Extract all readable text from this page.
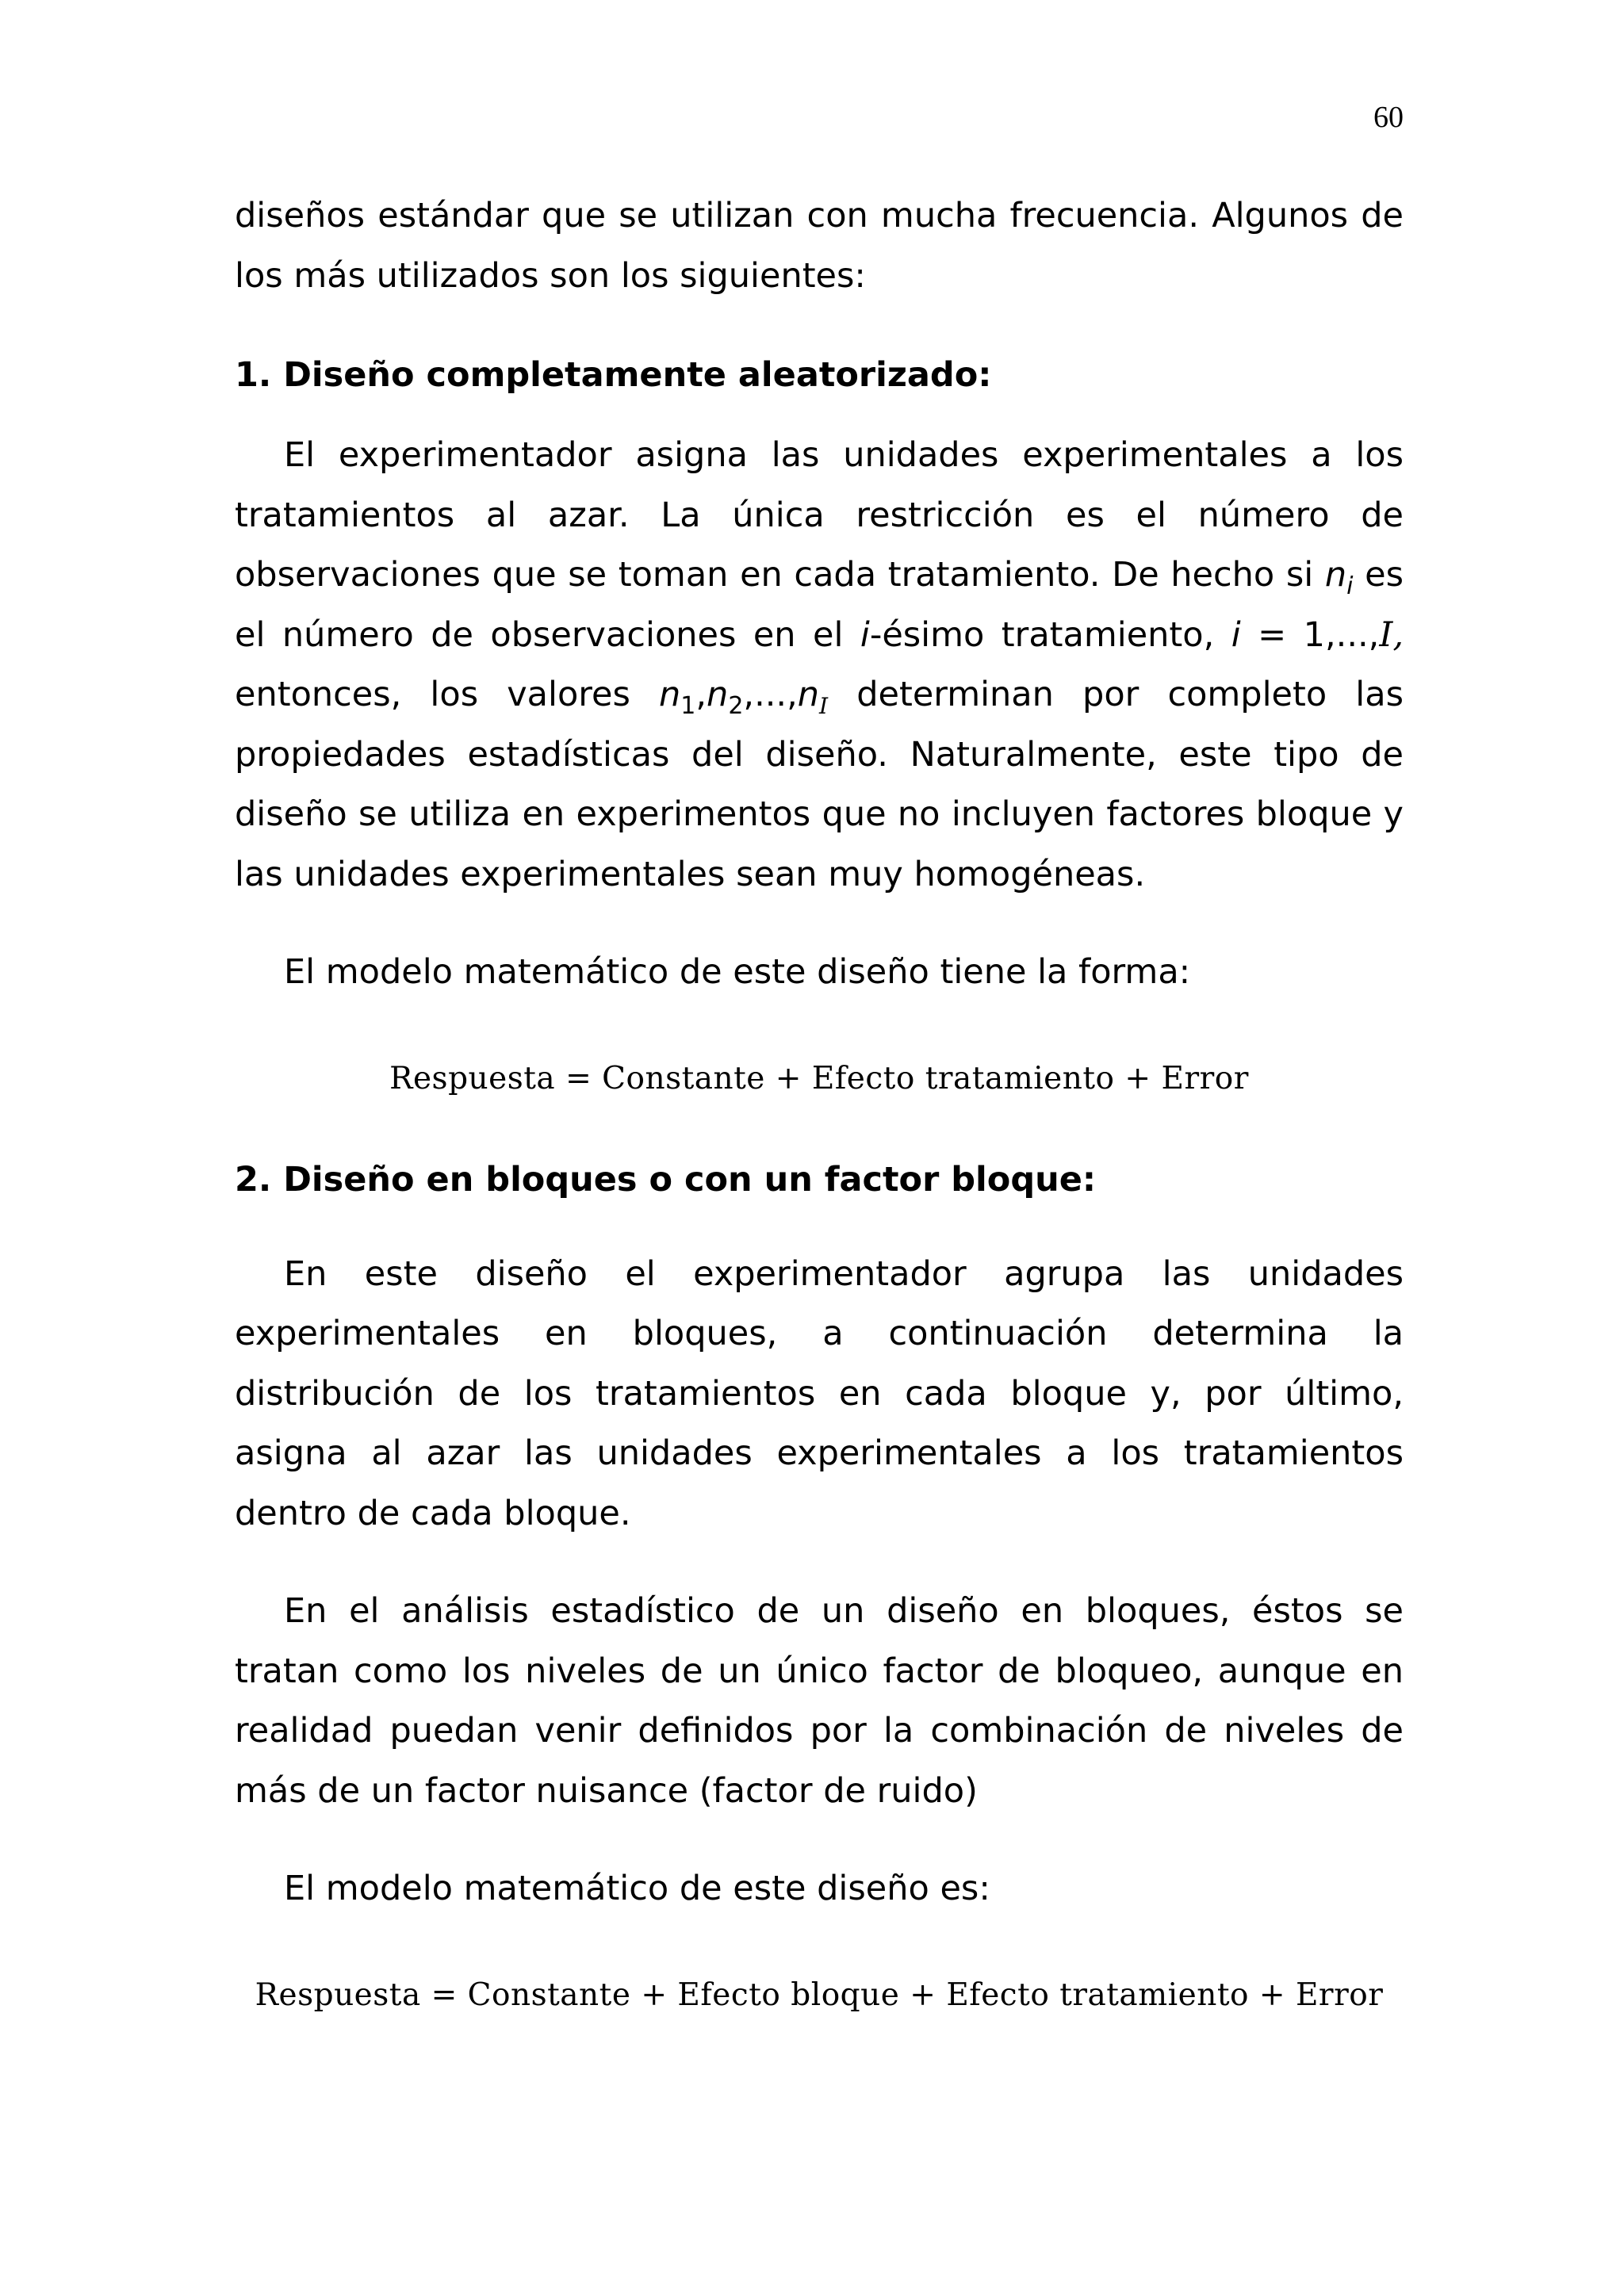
60

diseños estándar que se utilizan con mucha frecuencia. Algunos de los más utilizados son los siguientes:

1. Diseño completamente aleatorizado:

El experimentador asigna las unidades experimentales a los tratamientos al azar. La única restricción es el número de observaciones que se toman en cada tratamiento. De hecho si $n_i$ es el número de observaciones en el i-ésimo tratamiento, i = 1,...,I, entonces, los valores $n_1,n_2,...,n_I$ determinan por completo las propiedades estadísticas del diseño. Naturalmente, este tipo de diseño se utiliza en experimentos que no incluyen factores bloque y las unidades experimentales sean muy homogéneas.

El modelo matemático de este diseño tiene la forma:

Respuesta = Constante + Efecto tratamiento + Error

2. Diseño en bloques o con un factor bloque:

En este diseño el experimentador agrupa las unidades experimentales en bloques, a continuación determina la distribución de los tratamientos en cada bloque y, por último, asigna al azar las unidades experimentales a los tratamientos dentro de cada bloque.

En el análisis estadístico de un diseño en bloques, éstos se tratan como los niveles de un único factor de bloqueo, aunque en realidad puedan venir definidos por la combinación de niveles de más de un factor nuisance (factor de ruido)

El modelo matemático de este diseño es:

Respuesta = Constante + Efecto bloque + Efecto tratamiento + Error
